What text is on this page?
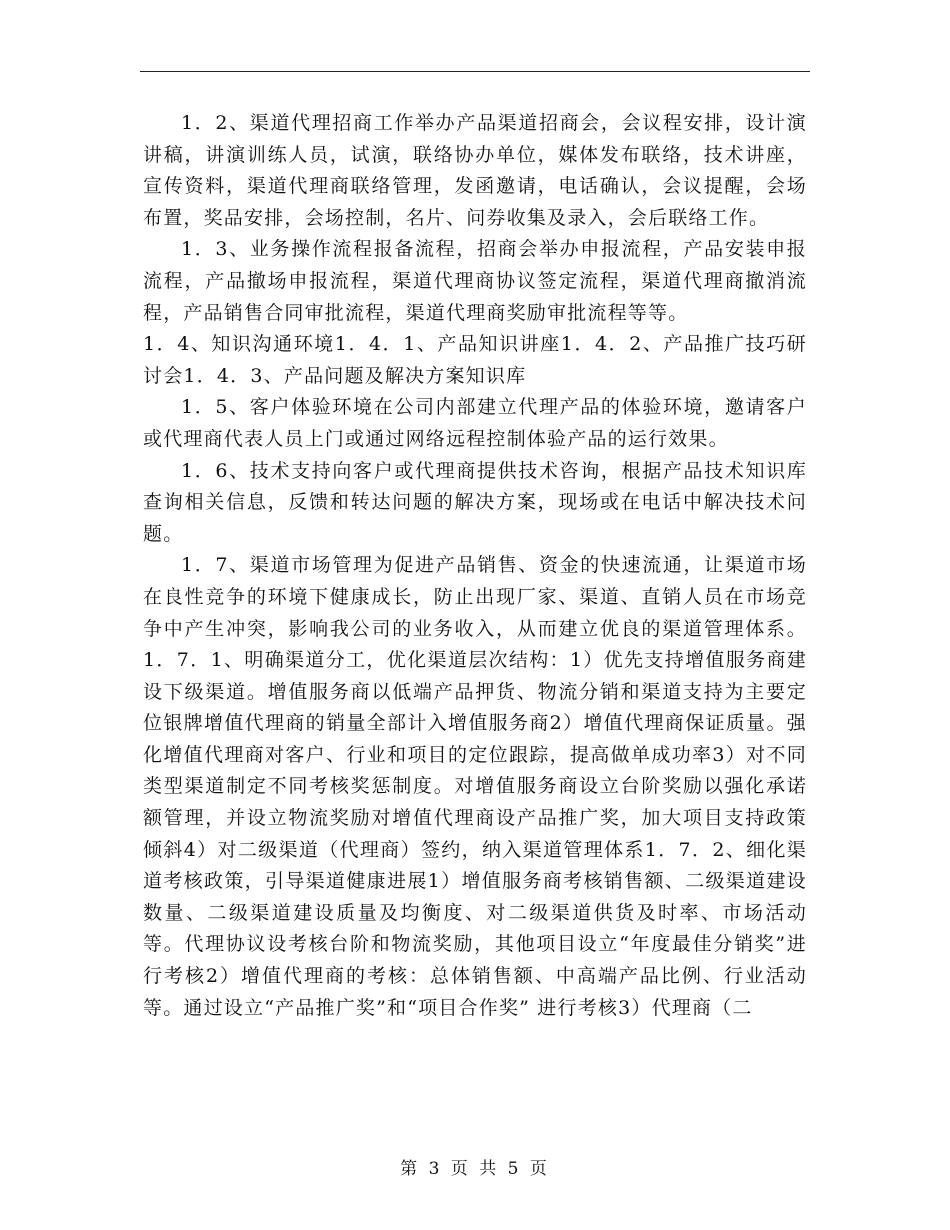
1．2、渠道代理招商工作举办产品渠道招商会，会议程安排，设计演讲稿，讲演训练人员，试演，联络协办单位，媒体发布联络，技术讲座，宣传资料，渠道代理商联络管理，发函邀请，电话确认，会议提醒，会场布置，奖品安排，会场控制，名片、问券收集及录入，会后联络工作。

1．3、业务操作流程报备流程，招商会举办申报流程，产品安装申报流程，产品撤场申报流程，渠道代理商协议签定流程，渠道代理商撤消流程，产品销售合同审批流程，渠道代理商奖励审批流程等等。

1．4、知识沟通环境1．4．1、产品知识讲座1．4．2、产品推广技巧研讨会1．4．3、产品问题及解决方案知识库

1．5、客户体验环境在公司内部建立代理产品的体验环境，邀请客户或代理商代表人员上门或通过网络远程控制体验产品的运行效果。

1．6、技术支持向客户或代理商提供技术咨询，根据产品技术知识库查询相关信息，反馈和转达问题的解决方案，现场或在电话中解决技术问题。

1．7、渠道市场管理为促进产品销售、资金的快速流通，让渠道市场在良性竞争的环境下健康成长，防止出现厂家、渠道、直销人员在市场竞争中产生冲突，影响我公司的业务收入，从而建立优良的渠道管理体系。1．7．1、明确渠道分工，优化渠道层次结构：1）优先支持增值服务商建设下级渠道。增值服务商以低端产品押货、物流分销和渠道支持为主要定位银牌增值代理商的销量全部计入增值服务商2）增值代理商保证质量。强化增值代理商对客户、行业和项目的定位跟踪，提高做单成功率3）对不同类型渠道制定不同考核奖惩制度。对增值服务商设立台阶奖励以强化承诺额管理，并设立物流奖励对增值代理商设产品推广奖，加大项目支持政策倾斜4）对二级渠道（代理商）签约，纳入渠道管理体系1．7．2、细化渠道考核政策，引导渠道健康进展1）增值服务商考核销售额、二级渠道建设数量、二级渠道建设质量及均衡度、对二级渠道供货及时率、市场活动等。代理协议设考核台阶和物流奖励，其他项目设立“年度最佳分销奖”进行考核2）增值代理商的考核：总体销售额、中高端产品比例、行业活动等。通过设立“产品推广奖”和“项目合作奖” 进行考核3）代理商（二

第 3 页 共 5 页
